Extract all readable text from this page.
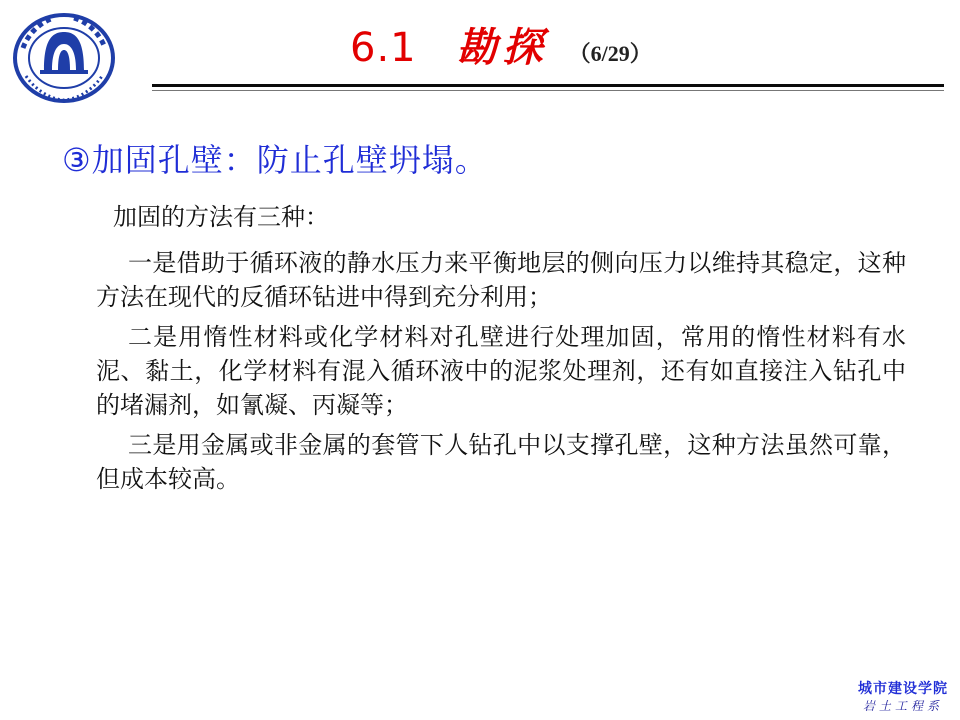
6.1 勘探 （6/29）
③加固孔壁：防止孔壁坍塌。
加固的方法有三种：

一是借助于循环液的静水压力来平衡地层的侧向压力以维持其稳定，这种方法在现代的反循环钻进中得到充分利用；

二是用惰性材料或化学材料对孔壁进行处理加固，常用的惰性材料有水泥、黏土，化学材料有混入循环液中的泥浆处理剂，还有如直接注入钻孔中的堵漏剂，如氰凝、丙凝等；

三是用金属或非金属的套管下人钻孔中以支撑孔壁，这种方法虽然可靠，但成本较高。

城市建设学院
岩土工程系
